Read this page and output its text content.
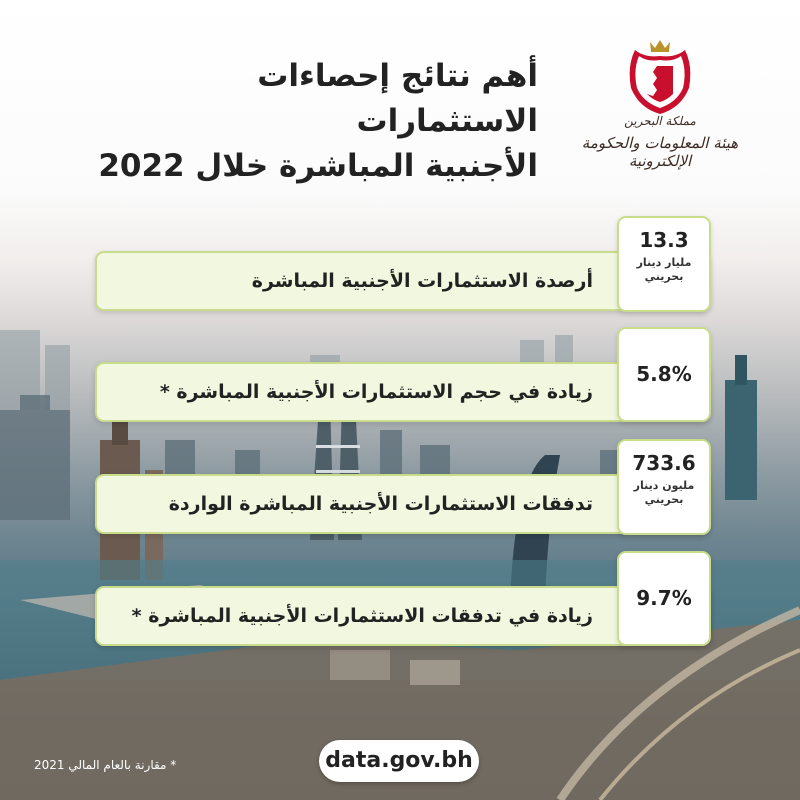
أهم نتائج إحصاءات الاستثمارات
الأجنبية المباشرة خلال 2022
مملكة البحرين
هيئة المعلومات والحكومة الإلكترونية
أرصدة الاستثمارات الأجنبية المباشرة
13.3
مليار دينار
بحريني
زيادة في حجم الاستثمارات الأجنبية المباشرة *
5.8%
تدفقات الاستثمارات الأجنبية المباشرة الواردة
733.6
مليون دينار
بحريني
زيادة في تدفقات الاستثمارات الأجنبية المباشرة *
9.7%
* مقارنة بالعام المالي 2021	data.gov.bh
